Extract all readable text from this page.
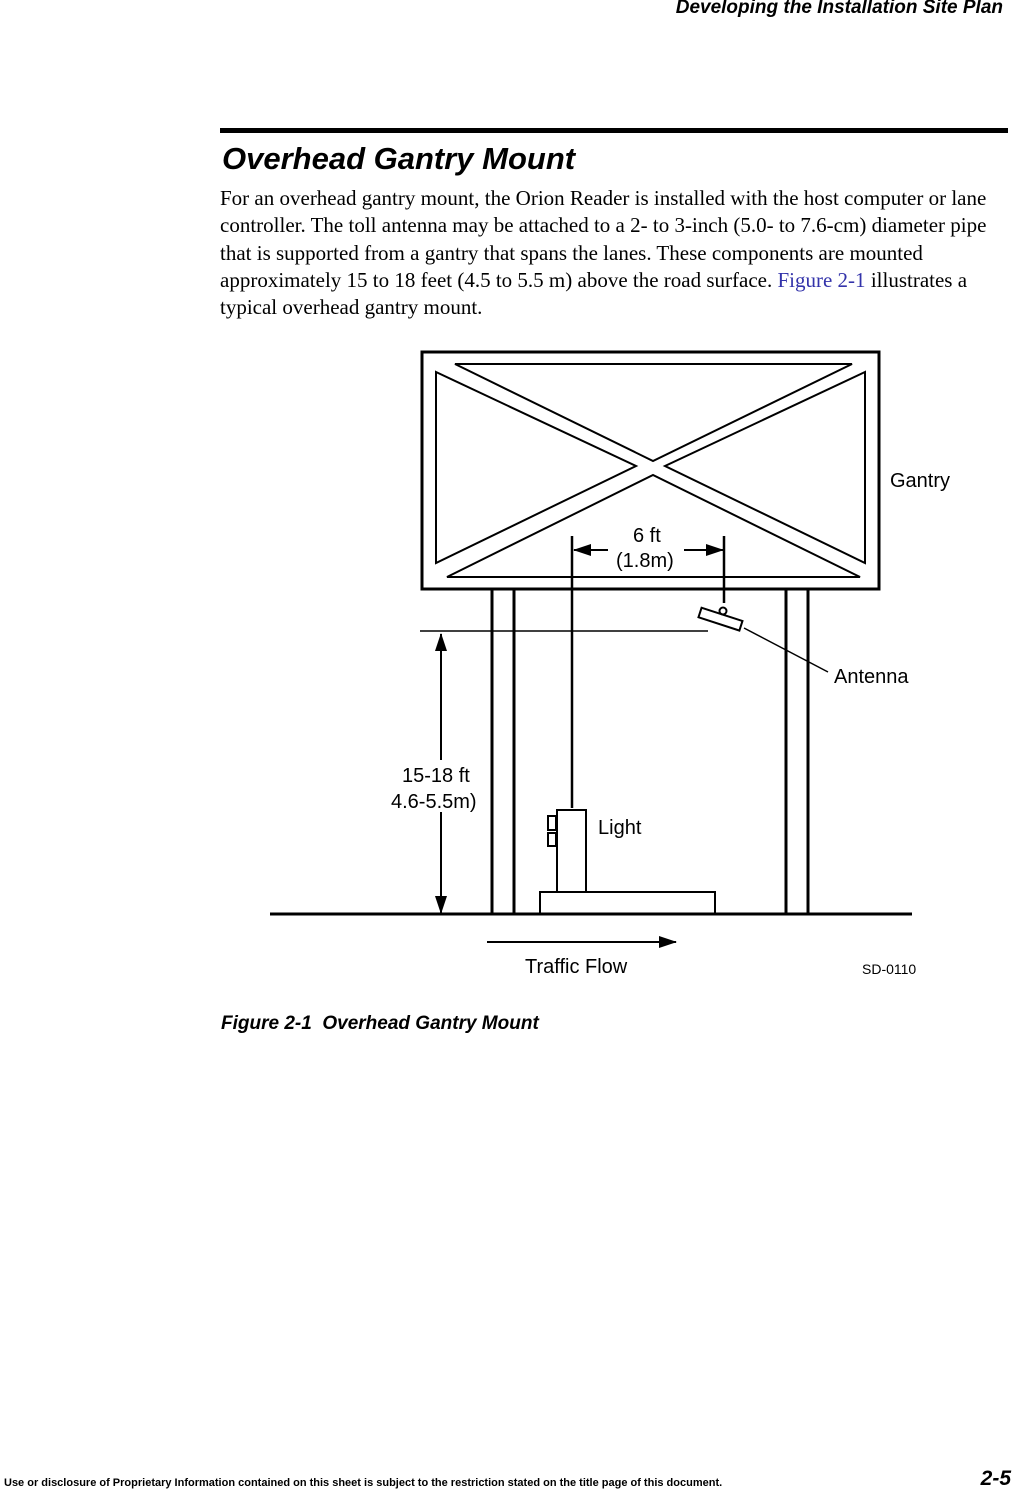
Developing the Installation Site Plan
Overhead Gantry Mount
For an overhead gantry mount, the Orion Reader is installed with the host computer or lane controller. The toll antenna may be attached to a 2- to 3-inch (5.0- to 7.6-cm) diameter pipe that is supported from a gantry that spans the lanes. These components are mounted approximately 15 to 18 feet (4.5 to 5.5 m) above the road surface. Figure 2-1 illustrates a typical overhead gantry mount.
Gantry
6 ft
(1.8m)
Antenna
15-18 ft
4.6-5.5m)
Light
Traffic Flow	SD-0110
Figure 2-1  Overhead Gantry Mount
Use or disclosure of Proprietary Information contained on this sheet is subject to the restriction stated on the title page of this document.	2-5
